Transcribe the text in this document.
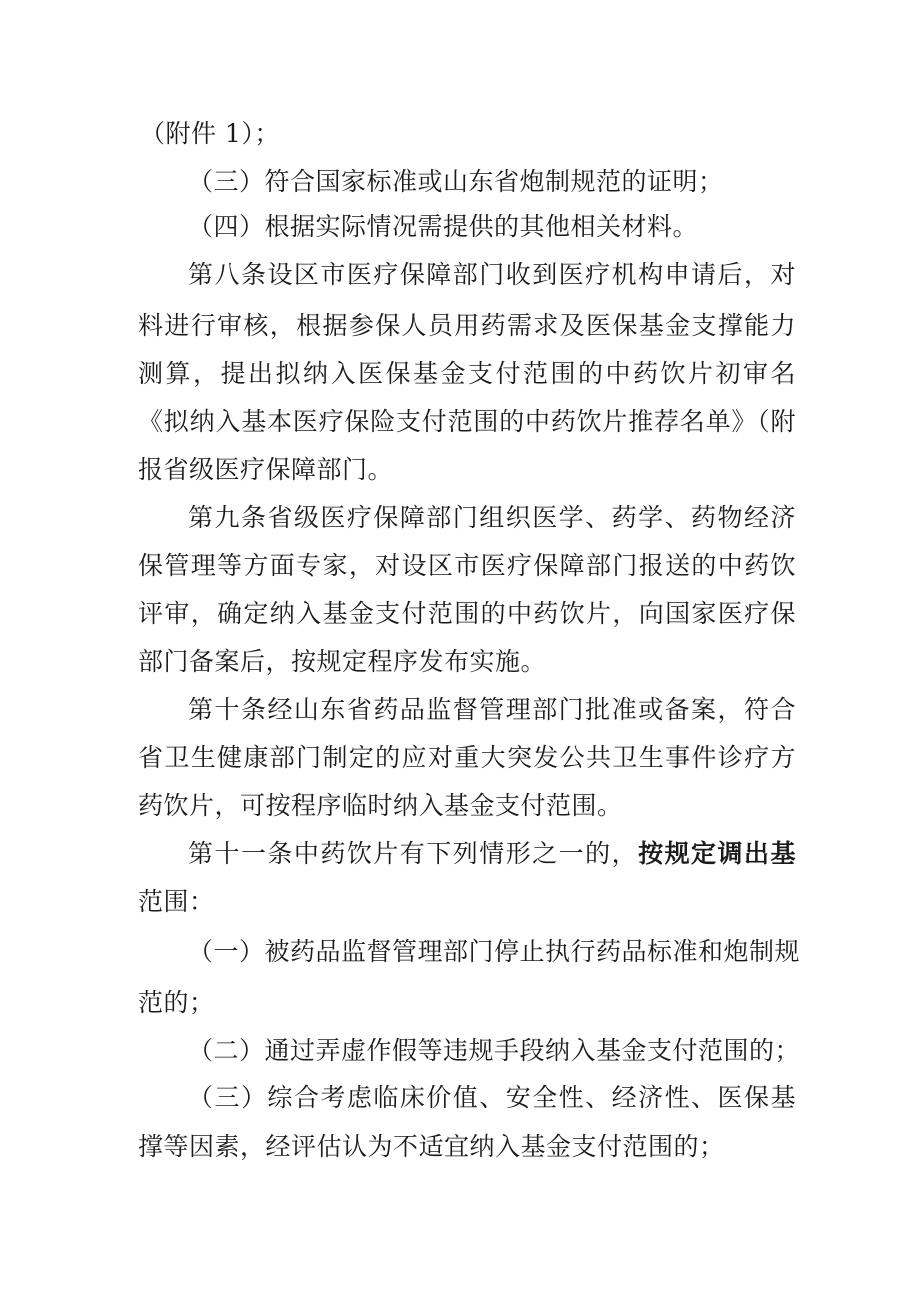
（附件 1）；
（三）符合国家标准或山东省炮制规范的证明；
（四）根据实际情况需提供的其他相关材料。
第八条设区市医疗保障部门收到医疗机构申请后，对
料进行审核，根据参保人员用药需求及医保基金支撑能力
测算，提出拟纳入医保基金支付范围的中药饮片初审名
《拟纳入基本医疗保险支付范围的中药饮片推荐名单》（附
报省级医疗保障部门。
第九条省级医疗保障部门组织医学、药学、药物经济
保管理等方面专家，对设区市医疗保障部门报送的中药饮
评审，确定纳入基金支付范围的中药饮片，向国家医疗保
部门备案后，按规定程序发布实施。
第十条经山东省药品监督管理部门批准或备案，符合
省卫生健康部门制定的应对重大突发公共卫生事件诊疗方
药饮片，可按程序临时纳入基金支付范围。
第十一条中药饮片有下列情形之一的，按规定调出基
范围：
（一）被药品监督管理部门停止执行药品标准和炮制规
范的；
（二）通过弄虚作假等违规手段纳入基金支付范围的；
（三）综合考虑临床价值、安全性、经济性、医保基
撑等因素，经评估认为不适宜纳入基金支付范围的；
